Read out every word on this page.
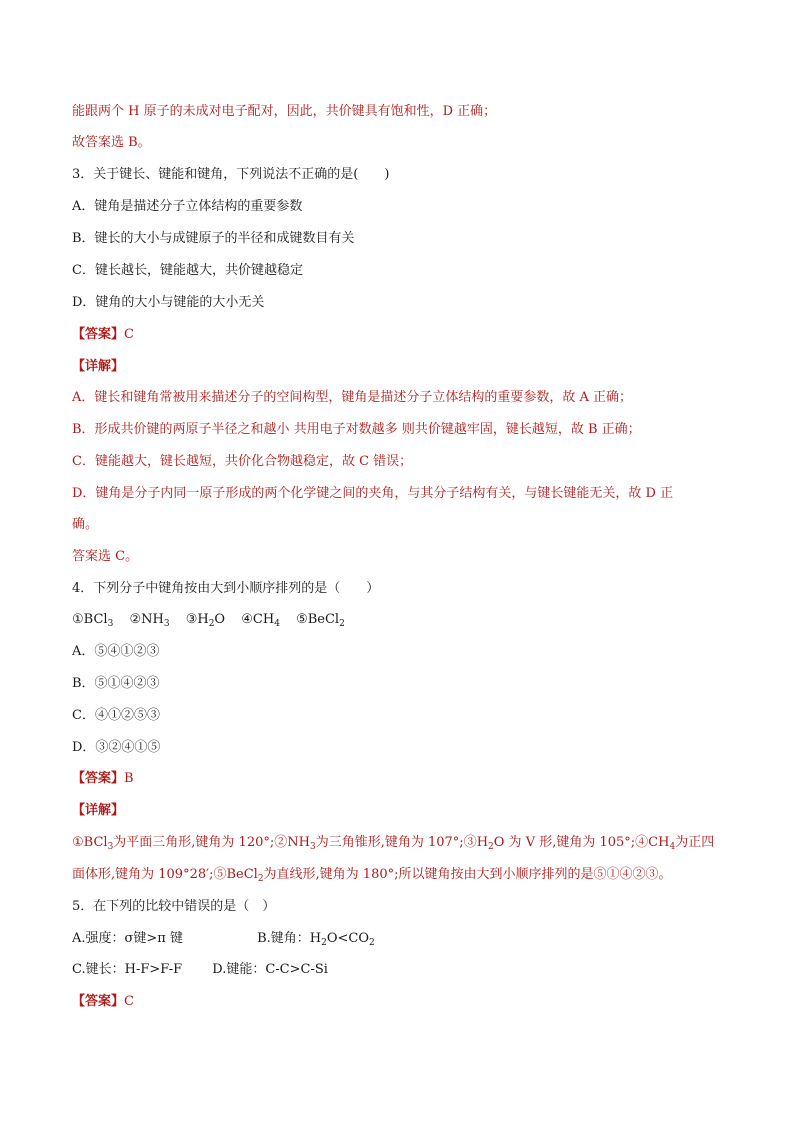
能跟两个 H 原子的未成对电子配对，因此，共价键具有饱和性，D 正确；
故答案选 B。
3．关于键长、键能和键角，下列说法不正确的是(　　)
A．键角是描述分子立体结构的重要参数
B．键长的大小与成键原子的半径和成键数目有关
C．键长越长，键能越大，共价键越稳定
D．键角的大小与键能的大小无关
【答案】C
【详解】
A．键长和键角常被用来描述分子的空间构型，键角是描述分子立体结构的重要参数，故 A 正确；
B．形成共价键的两原子半径之和越小 共用电子对数越多 则共价键越牢固，键长越短，故 B 正确；
C．键能越大，键长越短，共价化合物越稳定，故 C 错误；
D．键角是分子内同一原子形成的两个化学键之间的夹角，与其分子结构有关，与键长键能无关，故 D 正
确。
答案选 C。
4．下列分子中键角按由大到小顺序排列的是（　　）
①BCl$_3$ $②NH_3$ $③H_2O$ $④CH_4$ ⑤BeCl$_2$
A．⑤④①②③
B．⑤①④②③
C．④①②⑤③
D．③②④①⑤
【答案】B
【详解】
①BCl$_3$为平面三角形,键角为 $120^\circ;②NH_3$为三角锥形,键角为 $107^\circ;③H_2O$ 为 V 形,键角为 $105^\circ;④CH_4$为正四
面体形,键角为 109°28′;⑤BeCl$_2$为直线形,键角为 180°;所以键角按由大到小顺序排列的是⑤①④②③。
5．在下列的比较中错误的是（　）
A.强度：σ键>π 键	B.键角：$H_2O<CO_2$
C.键长：H-F>F-F D.键能：C-C>C-Si
【答案】C
